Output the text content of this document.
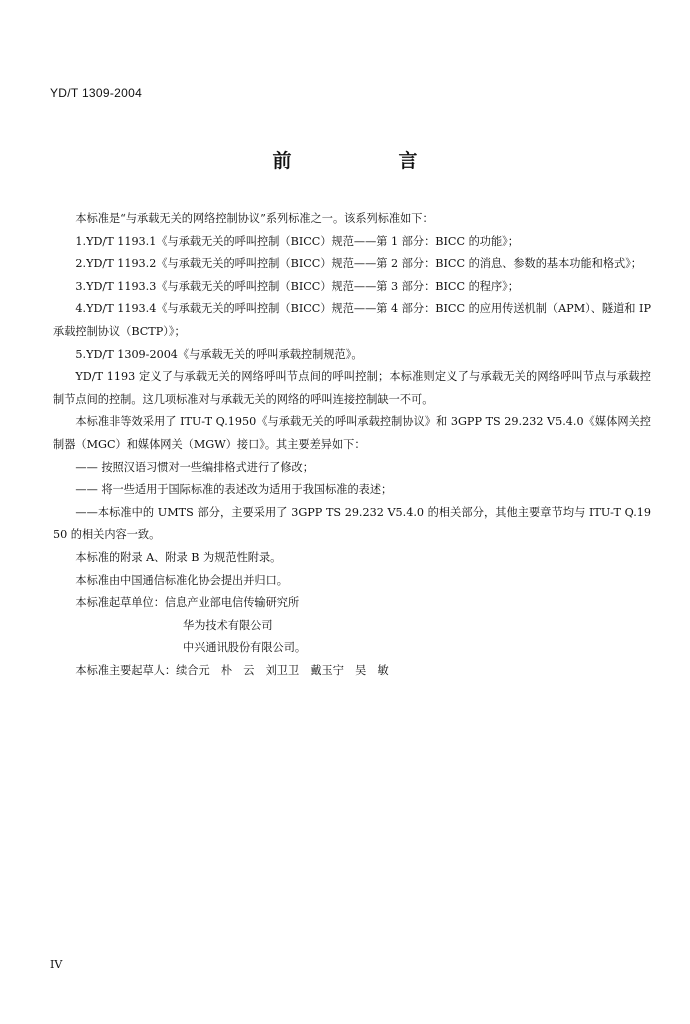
YD/T 1309-2004
前　言

本标准是“与承载无关的网络控制协议”系列标准之一。该系列标准如下：

1.YD/T 1193.1《与承载无关的呼叫控制（BICC）规范——第 1 部分：BICC 的功能》；

2.YD/T 1193.2《与承载无关的呼叫控制（BICC）规范——第 2 部分：BICC 的消息、参数的基本功能和格式》；

3.YD/T 1193.3《与承载无关的呼叫控制（BICC）规范——第 3 部分：BICC 的程序》；

4.YD/T 1193.4《与承载无关的呼叫控制（BICC）规范——第 4 部分：BICC 的应用传送机制（APM）、隧道和 IP 承载控制协议（BCTP）》；

5.YD/T 1309-2004《与承载无关的呼叫承载控制规范》。

YD/T 1193 定义了与承载无关的网络呼叫节点间的呼叫控制；本标准则定义了与承载无关的网络呼叫节点与承载控制节点间的控制。这几项标准对与承载无关的网络的呼叫连接控制缺一不可。

本标准非等效采用了 ITU-T Q.1950《与承载无关的呼叫承载控制协议》和 3GPP TS 29.232 V5.4.0《媒体网关控制器（MGC）和媒体网关（MGW）接口》。其主要差异如下：

—— 按照汉语习惯对一些编排格式进行了修改；

—— 将一些适用于国际标准的表述改为适用于我国标准的表述；

——本标准中的 UMTS 部分，主要采用了 3GPP TS 29.232 V5.4.0 的相关部分，其他主要章节均与 ITU-T Q.1950 的相关内容一致。

本标准的附录 A、附录 B 为规范性附录。

本标准由中国通信标准化协会提出并归口。

本标准起草单位：信息产业部电信传输研究所

华为技术有限公司

中兴通讯股份有限公司。

本标准主要起草人：续合元　朴　云　刘卫卫　戴玉宁　吴　敏

IV
